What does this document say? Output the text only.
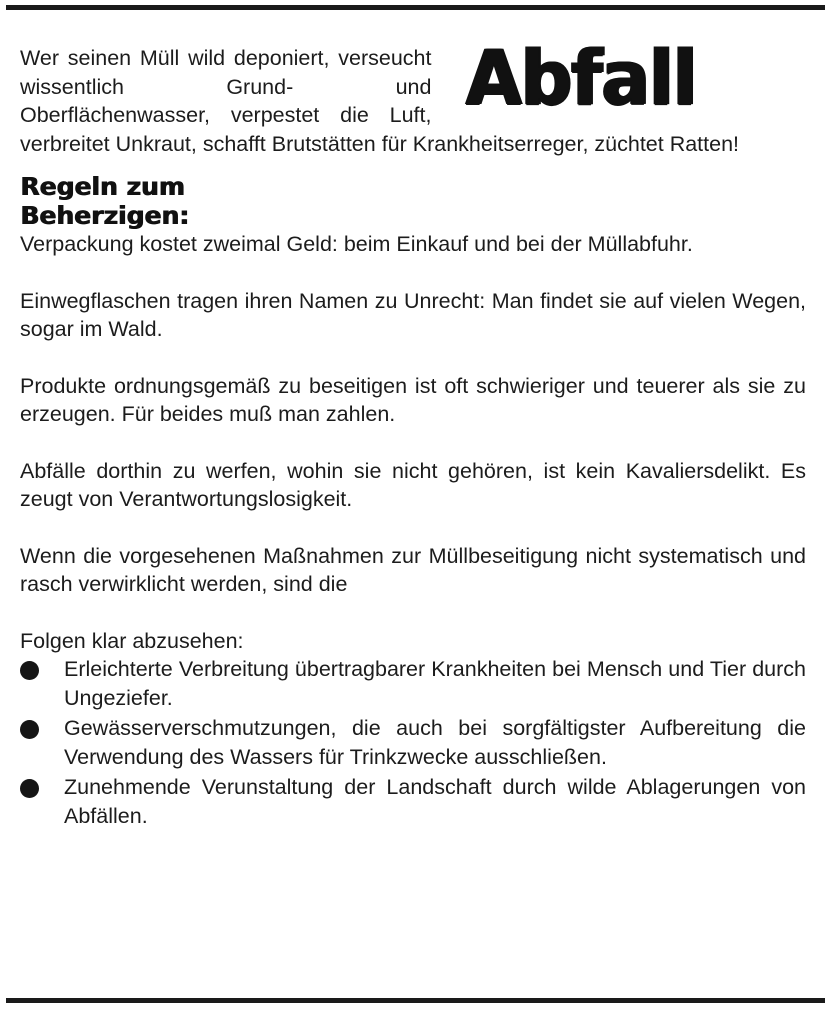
Abfall
Wer seinen Müll wild deponiert, verseucht wissentlich Grund- und Oberflächenwasser, verpestet die Luft, verbreitet Unkraut, schafft Brutstätten für Krankheitserreger, züchtet Ratten!

Regeln zum
Beherzigen:

Verpackung kostet zweimal Geld: beim Einkauf und bei der Müllabfuhr.

Einwegflaschen tragen ihren Namen zu Unrecht: Man findet sie auf vielen Wegen, sogar im Wald.

Produkte ordnungsgemäß zu beseitigen ist oft schwieriger und teuerer als sie zu erzeugen. Für beides muß man zahlen.

Abfälle dorthin zu werfen, wohin sie nicht gehören, ist kein Kavaliersdelikt. Es zeugt von Verantwortungslosigkeit.

Wenn die vorgesehenen Maßnahmen zur Müllbeseitigung nicht systematisch und rasch verwirklicht werden, sind die

Folgen klar abzusehen:

Erleichterte Verbreitung übertragbarer Krankheiten bei Mensch und Tier durch Ungeziefer.
Gewässerverschmutzungen, die auch bei sorgfältigster Aufbereitung die Verwendung des Wassers für Trinkzwecke ausschließen.
Zunehmende Verunstaltung der Landschaft durch wilde Ablagerungen von Abfällen.
